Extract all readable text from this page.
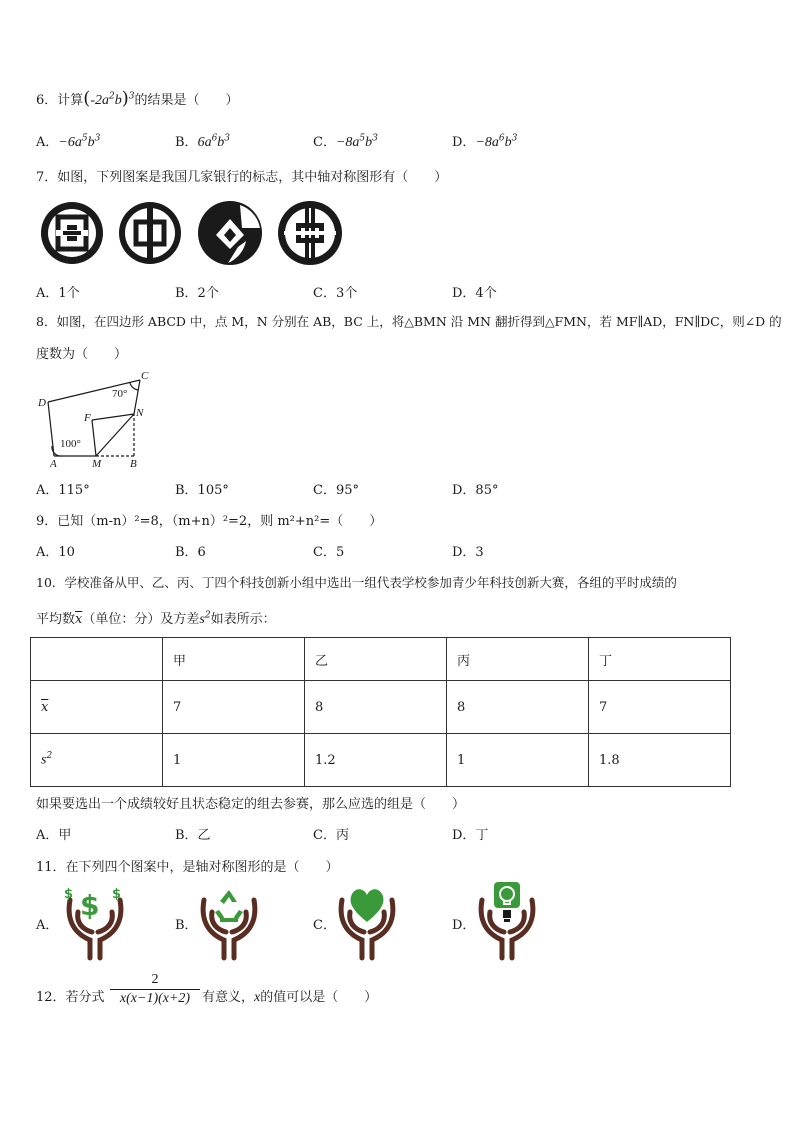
6．计算$(-2a^2b)^3$的结果是（　　）
A．$-6a^5b^3$	B．$6a^6b^3$	C．$-8a^5b^3$	D．$-8a^6b^3$
7．如图，下列图案是我国几家银行的标志，其中轴对称图形有（　　）
A．1个	B．2个	C．3个	D．4个
8．如图，在四边形 ABCD 中，点 M，N 分别在 AB，BC 上，将△BMN 沿 MN 翻折得到△FMN，若 MF∥AD，FN∥DC，则∠D 的
度数为（　　）
D
C
F	N
A	M	B
70°
100°
A．115°	B．105°	C．95°	D．85°
9．已知（m-n）²=8，（m+n）²=2，则 m²+n²=（　　）
A．10	B．6	C．5	D．3
10．学校准备从甲、乙、丙、丁四个科技创新小组中选出一组代表学校参加青少年科技创新大赛，各组的平时成绩的
平均数$\overline{x}$（单位：分）及方差$s^2$如表所示：
	甲	乙	丙	丁
$\overline{x}$	7	8	8	7
$s^2$	1	1.2	1	1.8
如果要选出一个成绩较好且状态稳定的组去参赛，那么应选的组是（　　）
A．甲	B．乙	C．丙	D．丁
11．在下列四个图案中，是轴对称图形的是（　　）
A．	B．	C．	D．
$
$	$
12．若分式
2
x(x−1)(x+2) 有意义，x的值可以是（　　）
